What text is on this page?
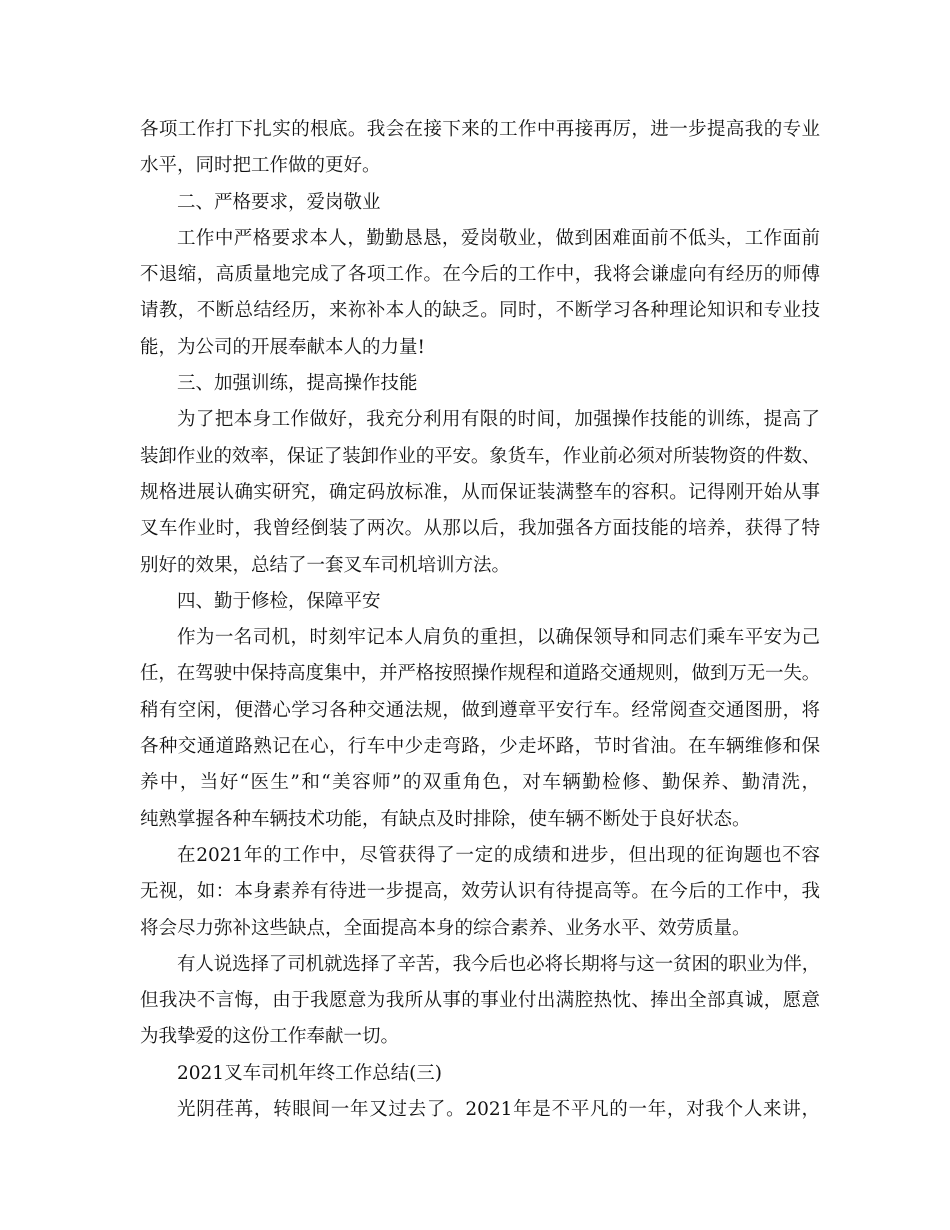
各项工作打下扎实的根底。我会在接下来的工作中再接再厉，进一步提高我的专业
水平，同时把工作做的更好。
二、严格要求，爱岗敬业
工作中严格要求本人，勤勤恳恳，爱岗敬业，做到困难面前不低头，工作面前
不退缩，高质量地完成了各项工作。在今后的工作中，我将会谦虚向有经历的师傅
请教，不断总结经历，来祢补本人的缺乏。同时，不断学习各种理论知识和专业技
能，为公司的开展奉献本人的力量!
三、加强训练，提高操作技能
为了把本身工作做好，我充分利用有限的时间，加强操作技能的训练，提高了
装卸作业的效率，保证了装卸作业的平安。象货车，作业前必须对所装物资的件数、
规格进展认确实研究，确定码放标准，从而保证装满整车的容积。记得刚开始从事
叉车作业时，我曾经倒装了两次。从那以后，我加强各方面技能的培养，获得了特
别好的效果，总结了一套叉车司机培训方法。
四、勤于修检，保障平安
作为一名司机，时刻牢记本人肩负的重担，以确保领导和同志们乘车平安为己
任，在驾驶中保持高度集中，并严格按照操作规程和道路交通规则，做到万无一失。
稍有空闲，便潜心学习各种交通法规，做到遵章平安行车。经常阅查交通图册，将
各种交通道路熟记在心，行车中少走弯路，少走坏路，节时省油。在车辆维修和保
养中，当好“医生”和“美容师”的双重角色，对车辆勤检修、勤保养、勤清洗，
纯熟掌握各种车辆技术功能，有缺点及时排除，使车辆不断处于良好状态。
在2021年的工作中，尽管获得了一定的成绩和进步，但出现的征询题也不容
无视，如：本身素养有待进一步提高，效劳认识有待提高等。在今后的工作中，我
将会尽力弥补这些缺点，全面提高本身的综合素养、业务水平、效劳质量。
有人说选择了司机就选择了辛苦，我今后也必将长期将与这一贫困的职业为伴，
但我决不言悔，由于我愿意为我所从事的事业付出满腔热忱、捧出全部真诚，愿意
为我挚爱的这份工作奉献一切。
2021叉车司机年终工作总结(三)
光阴荏苒，转眼间一年又过去了。2021年是不平凡的一年，对我个人来讲，
